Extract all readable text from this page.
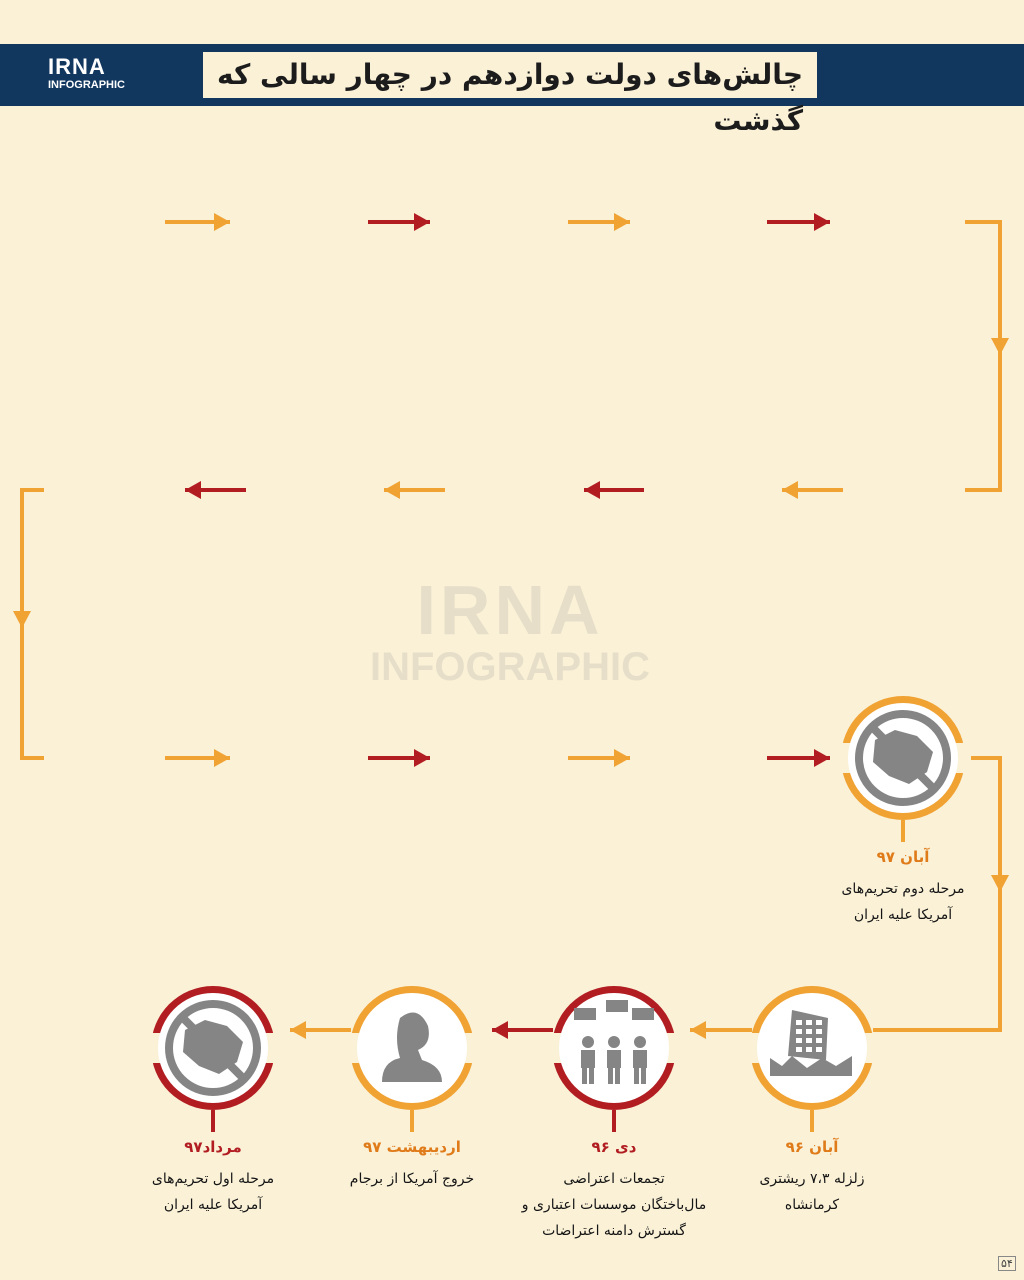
IRNA
INFOGRAPHIC	چالش‌های دولت دوازدهم در چهار سالی که گذشت
IRNA
INFOGRAPHIC
آبان ۹۶
زلزله ۷،۳ ریشتری
کرمانشاه
دی ۹۶
تجمعات اعتراضی
مال‌باختگان موسسات اعتباری و
گسترش دامنه اعتراضات
اردیبهشت ۹۷
خروج آمریکا از برجام
مرداد۹۷
مرحله اول تحریم‌های
آمریکا علیه ایران
آبان ۹۷
مرحله دوم تحریم‌های
آمریکا علیه ایران
۵۴
